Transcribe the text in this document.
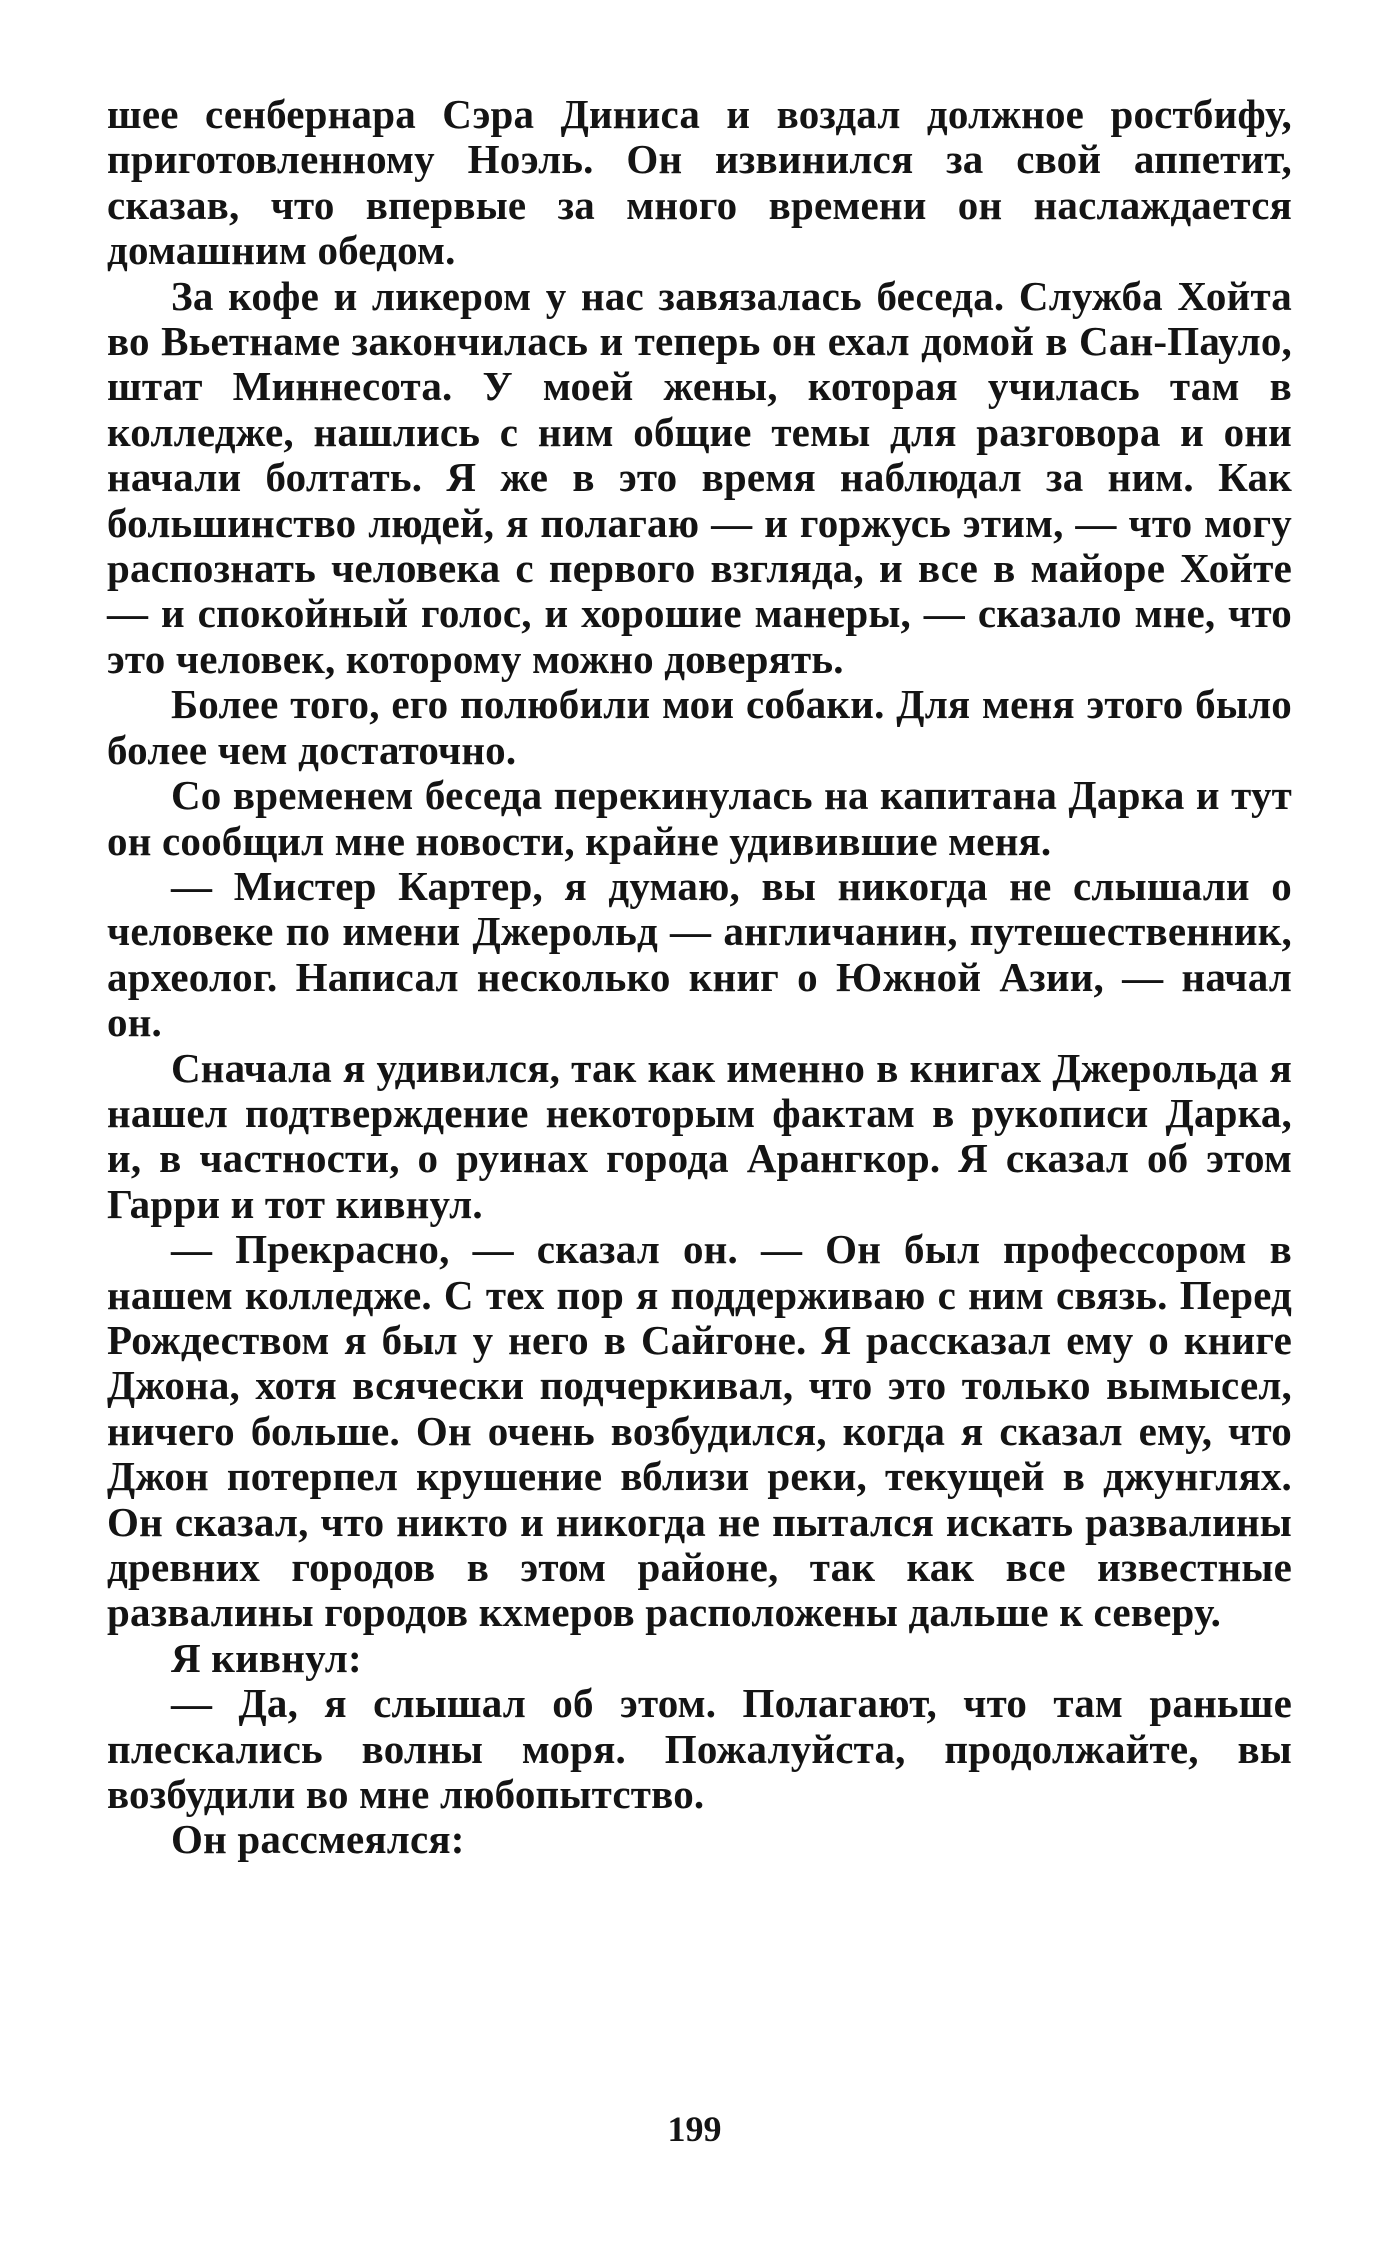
шее сенбернара Сэра Диниса и воздал должное ростбифу, приготовленному Ноэль. Он извинился за свой аппетит, сказав, что впервые за много времени он наслаждается домашним обедом.

За кофе и ликером у нас завязалась беседа. Служба Хойта во Вьетнаме закончилась и теперь он ехал домой в Сан-Пауло, штат Миннесота. У моей жены, которая училась там в колледже, нашлись с ним общие темы для разговора и они начали болтать. Я же в это время наблюдал за ним. Как большинство людей, я полагаю — и горжусь этим, — что могу распознать человека с первого взгляда, и все в майоре Хойте — и спокойный голос, и хорошие манеры, — сказало мне, что это человек, которому можно доверять.

Более того, его полюбили мои собаки. Для меня этого было более чем достаточно.

Со временем беседа перекинулась на капитана Дарка и тут он сообщил мне новости, крайне удивившие меня.

— Мистер Картер, я думаю, вы никогда не слышали о человеке по имени Джерольд — англичанин, путешественник, археолог. Написал несколько книг о Южной Азии, — начал он.

Сначала я удивился, так как именно в книгах Джерольда я нашел подтверждение некоторым фактам в рукописи Дарка, и, в частности, о руинах города Арангкор. Я сказал об этом Гарри и тот кивнул.

— Прекрасно, — сказал он. — Он был профессором в нашем колледже. С тех пор я поддерживаю с ним связь. Перед Рождеством я был у него в Сайгоне. Я рассказал ему о книге Джона, хотя всячески подчеркивал, что это только вымысел, ничего больше. Он очень возбудился, когда я сказал ему, что Джон потерпел крушение вблизи реки, текущей в джунглях. Он сказал, что никто и никогда не пытался искать развалины древних городов в этом районе, так как все известные развалины городов кхмеров расположены дальше к северу.

Я кивнул:

— Да, я слышал об этом. Полагают, что там раньше плескались волны моря. Пожалуйста, продолжайте, вы возбудили во мне любопытство.

Он рассмеялся:

199
